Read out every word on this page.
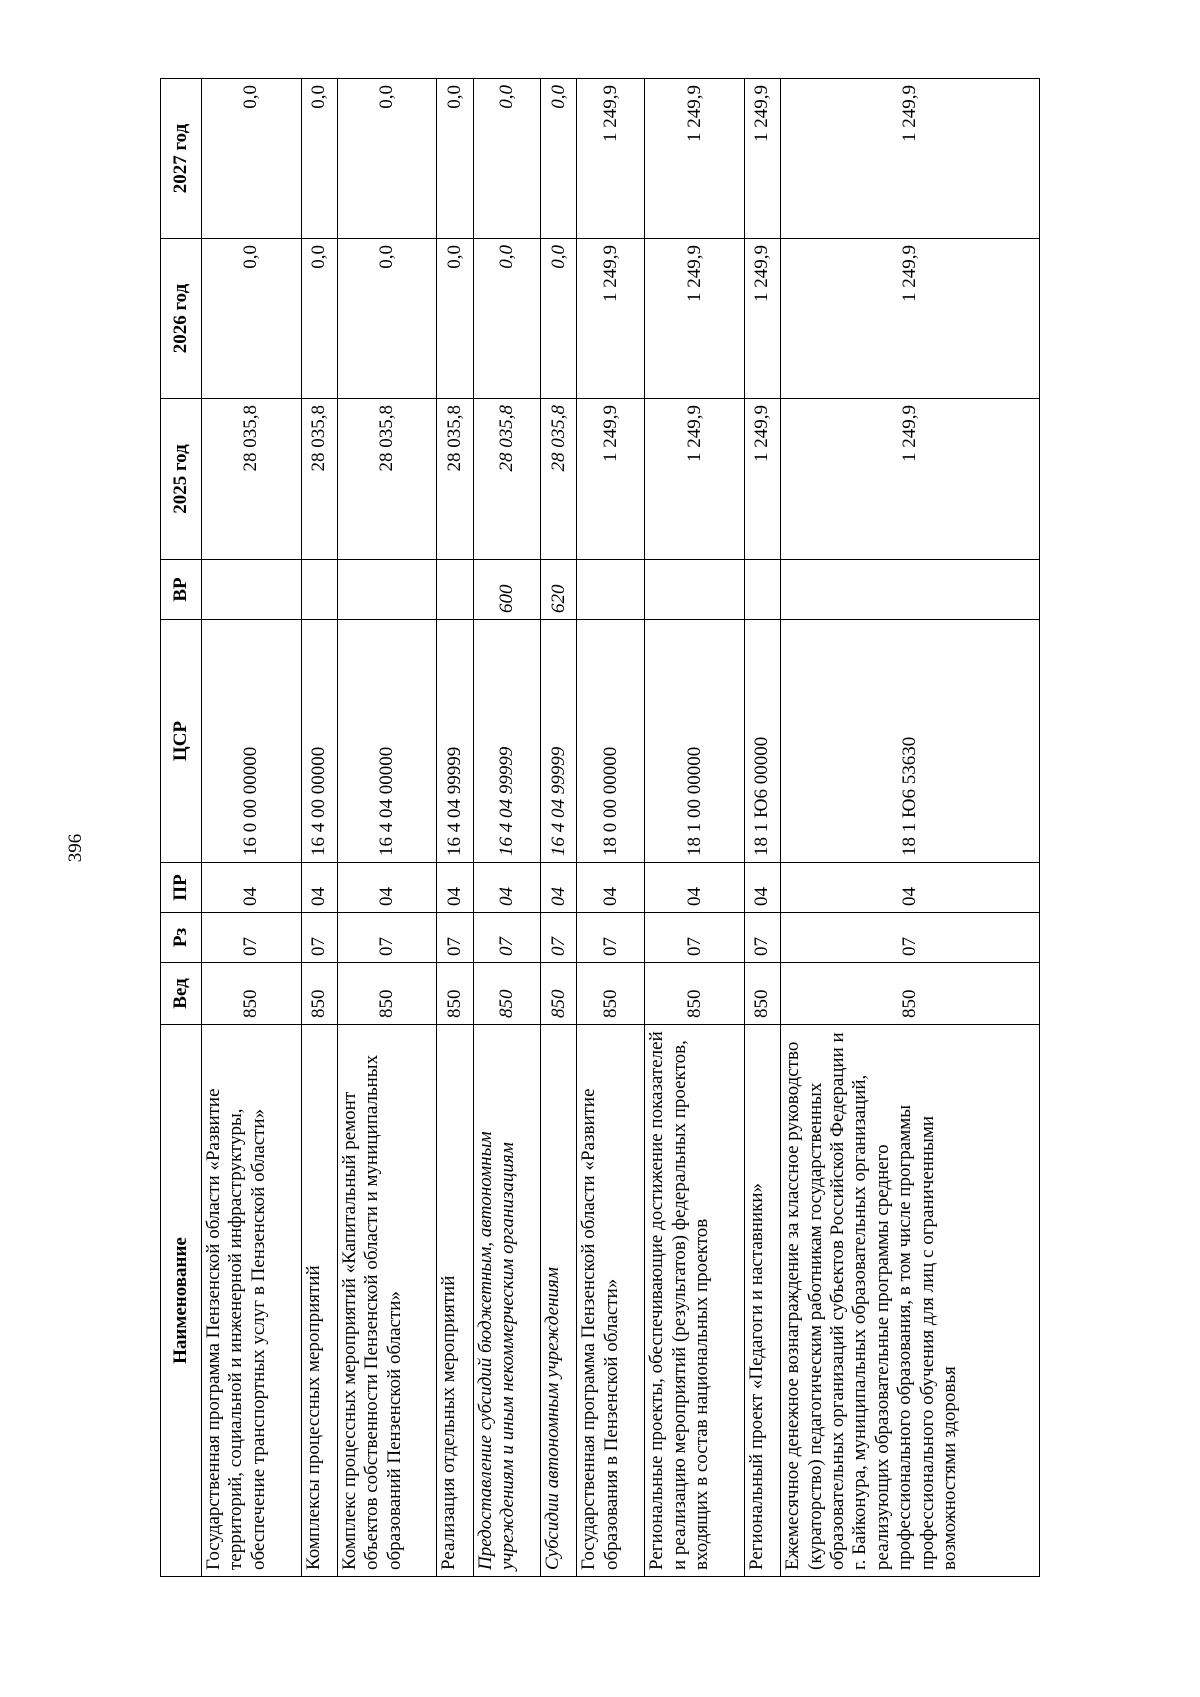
396
Наименование	Вед	Рз	ПР	ЦСР	ВР	2025 год	2026 год	2027 год
Государственная программа Пензенской области «Развитие территорий, социальной и инженерной инфраструктуры, обеспечение транспортных услуг в Пензенской области»	850	07	04	16 0 00 00000		28 035,8	0,0	0,0
Комплексы процессных мероприятий	850	07	04	16 4 00 00000		28 035,8	0,0	0,0
Комплекс процессных мероприятий «Капитальный ремонт объектов собственности Пензенской области и муниципальных образований Пензенской области»	850	07	04	16 4 04 00000		28 035,8	0,0	0,0
Реализация отдельных мероприятий	850	07	04	16 4 04 99999		28 035,8	0,0	0,0
Предоставление субсидий бюджетным, автономным учреждениям и иным некоммерческим организациям	850	07	04	16 4 04 99999	600	28 035,8	0,0	0,0
Субсидии автономным учреждениям	850	07	04	16 4 04 99999	620	28 035,8	0,0	0,0
Государственная программа Пензенской области «Развитие образования в Пензенской области»	850	07	04	18 0 00 00000		1 249,9	1 249,9	1 249,9
Региональные проекты, обеспечивающие достижение показателей и реализацию мероприятий (результатов) федеральных проектов, входящих в состав национальных проектов	850	07	04	18 1 00 00000		1 249,9	1 249,9	1 249,9
Региональный проект «Педагоги и наставники»	850	07	04	18 1 Ю6 00000		1 249,9	1 249,9	1 249,9
Ежемесячное денежное вознаграждение за классное руководство (кураторство) педагогическим работникам государственных образовательных организаций субъектов Российской Федерации и г. Байконура, муниципальных образовательных организаций, реализующих образовательные программы среднего профессионального образования, в том числе программы профессионального обучения для лиц с ограниченными возможностями здоровья	850	07	04	18 1 Ю6 53630		1 249,9	1 249,9	1 249,9
